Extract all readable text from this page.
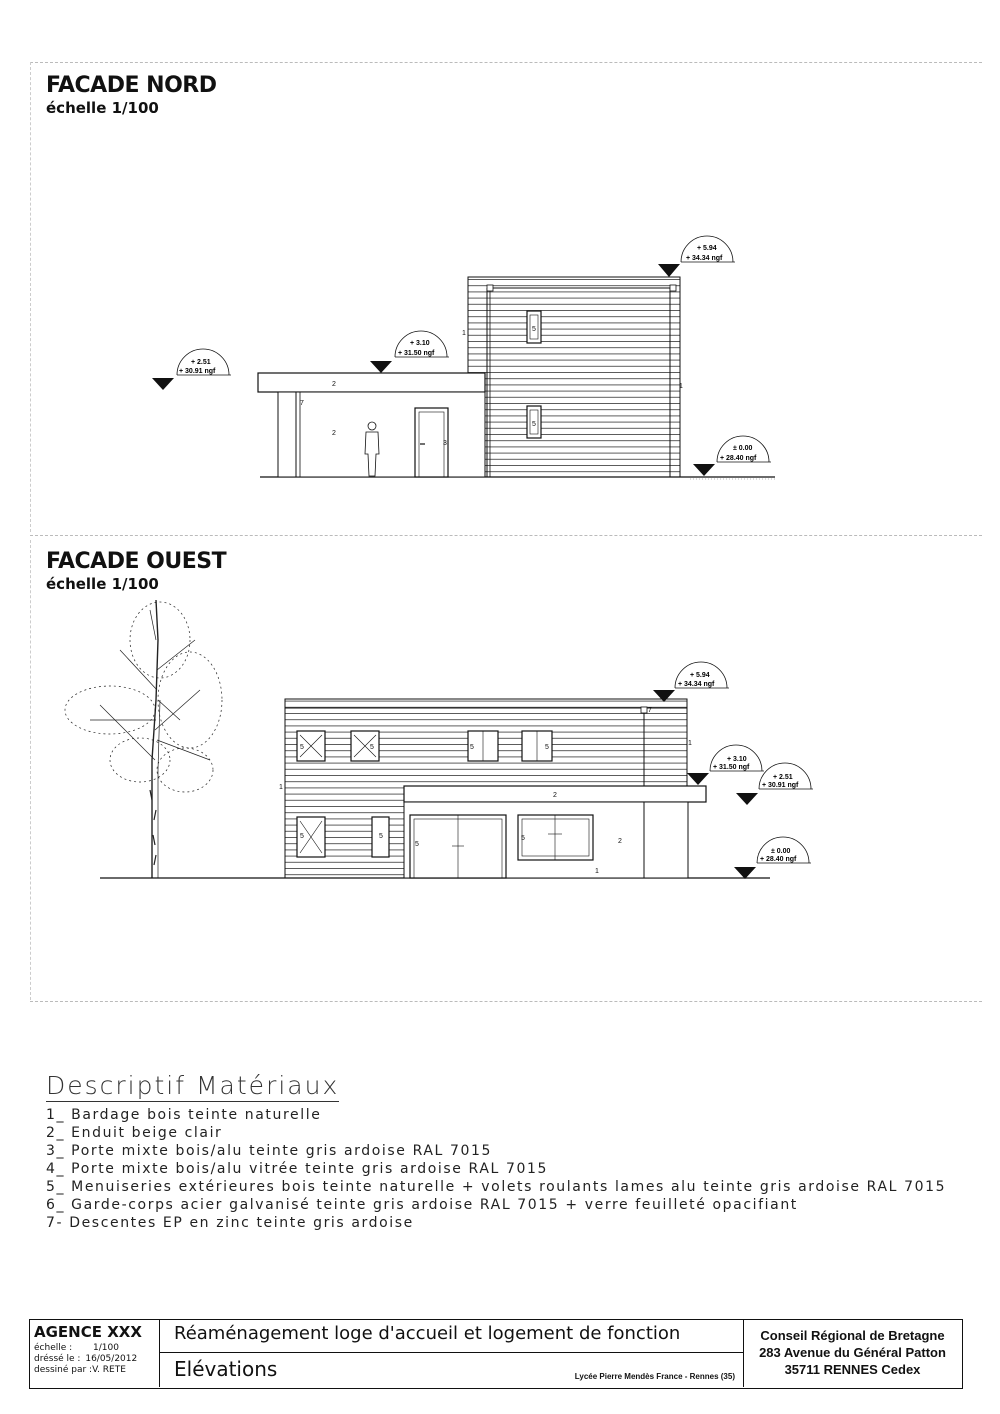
FACADE NORD
échelle 1/100
1
1
2
2
3
5
5
7
+ 5.94
+ 34.34 ngf
+ 3.10
+ 31.50 ngf
+ 2.51
+ 30.91 ngf
± 0.00
+ 28.40 ngf
FACADE OUEST
échelle 1/100
1
1
1
2
2
5	5	5	5
5	5
5
5
7
+ 5.94
+ 34.34 ngf
+ 3.10
+ 31.50 ngf
+ 2.51
+ 30.91 ngf
± 0.00
+ 28.40 ngf
Descriptif Matériaux
1_ Bardage bois teinte naturelle
2_ Enduit beige clair
3_ Porte mixte bois/alu teinte gris ardoise RAL 7015
4_ Porte mixte bois/alu vitrée teinte gris ardoise RAL 7015
5_ Menuiseries extérieures bois teinte naturelle + volets roulants lames alu teinte gris ardoise RAL 7015
6_ Garde-corps acier galvanisé teinte gris ardoise RAL 7015 + verre feuilleté opacifiant
7- Descentes EP en zinc teinte gris ardoise
AGENCE XXX
échelle : 1/100
dréssé le : 16/05/2012
dessiné par :V. RETE
Réaménagement loge d'accueil et logement de fonction
Elévations	Lycée Pierre Mendès France - Rennes (35)
Conseil Régional de Bretagne
283 Avenue du Général Patton
35711 RENNES Cedex
